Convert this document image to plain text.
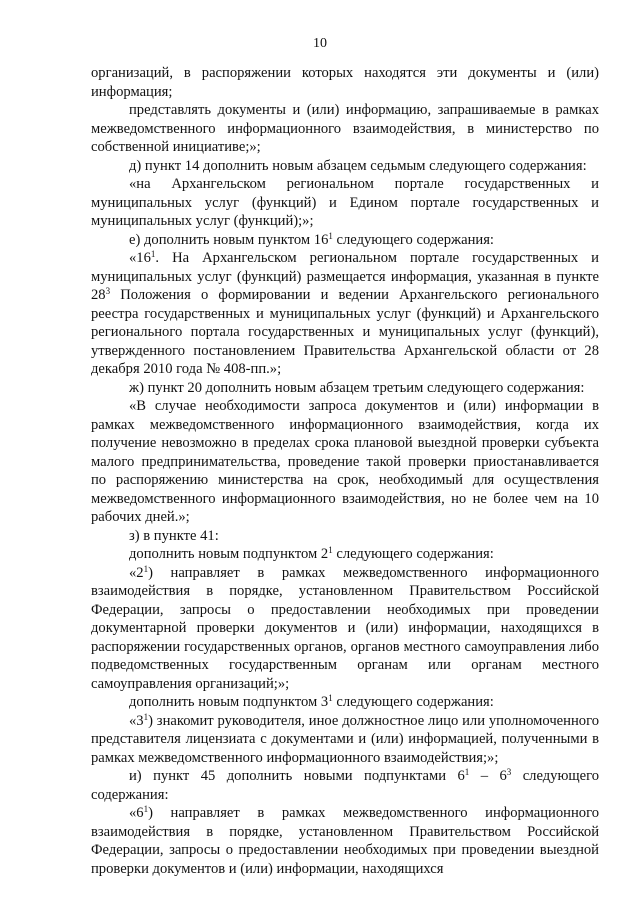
10

организаций, в распоряжении которых находятся эти документы и (или) информация;

представлять документы и (или) информацию, запрашиваемые в рамках межведомственного информационного взаимодействия, в министерство по собственной инициативе;»;

д) пункт 14 дополнить новым абзацем седьмым следующего содержания:

«на Архангельском региональном портале государственных и муниципальных услуг (функций) и Едином портале государственных и муниципальных услуг (функций);»;

е) дополнить новым пунктом $16^1$ следующего содержания:

«$16^1$. На Архангельском региональном портале государственных и муниципальных услуг (функций) размещается информация, указанная в пункте $28^3$ Положения о формировании и ведении Архангельского регионального реестра государственных и муниципальных услуг (функций) и Архангельского регионального портала государственных и муниципальных услуг (функций), утвержденного постановлением Правительства Архангельской области от 28 декабря 2010 года № 408-пп.»;

ж) пункт 20 дополнить новым абзацем третьим следующего содержания:

«В случае необходимости запроса документов и (или) информации в рамках межведомственного информационного взаимодействия, когда их получение невозможно в пределах срока плановой выездной проверки субъекта малого предпринимательства, проведение такой проверки приостанавливается по распоряжению министерства на срок, необходимый для осуществления межведомственного информационного взаимодействия, но не более чем на 10 рабочих дней.»;

з) в пункте 41:

дополнить новым подпунктом $2^1$ следующего содержания:

«$2^1$) направляет в рамках межведомственного информационного взаимодействия в порядке, установленном Правительством Российской Федерации, запросы о предоставлении необходимых при проведении документарной проверки документов и (или) информации, находящихся в распоряжении государственных органов, органов местного самоуправления либо подведомственных государственным органам или органам местного самоуправления организаций;»;

дополнить новым подпунктом $3^1$ следующего содержания:

«$3^1$) знакомит руководителя, иное должностное лицо или уполномоченного представителя лицензиата с документами и (или) информацией, полученными в рамках межведомственного информационного взаимодействия;»;

и) пункт 45 дополнить новыми подпунктами $6^1 - 6^3$ следующего содержания:

«$6^1$) направляет в рамках межведомственного информационного взаимодействия в порядке, установленном Правительством Российской Федерации, запросы о предоставлении необходимых при проведении выездной проверки документов и (или) информации, находящихся
